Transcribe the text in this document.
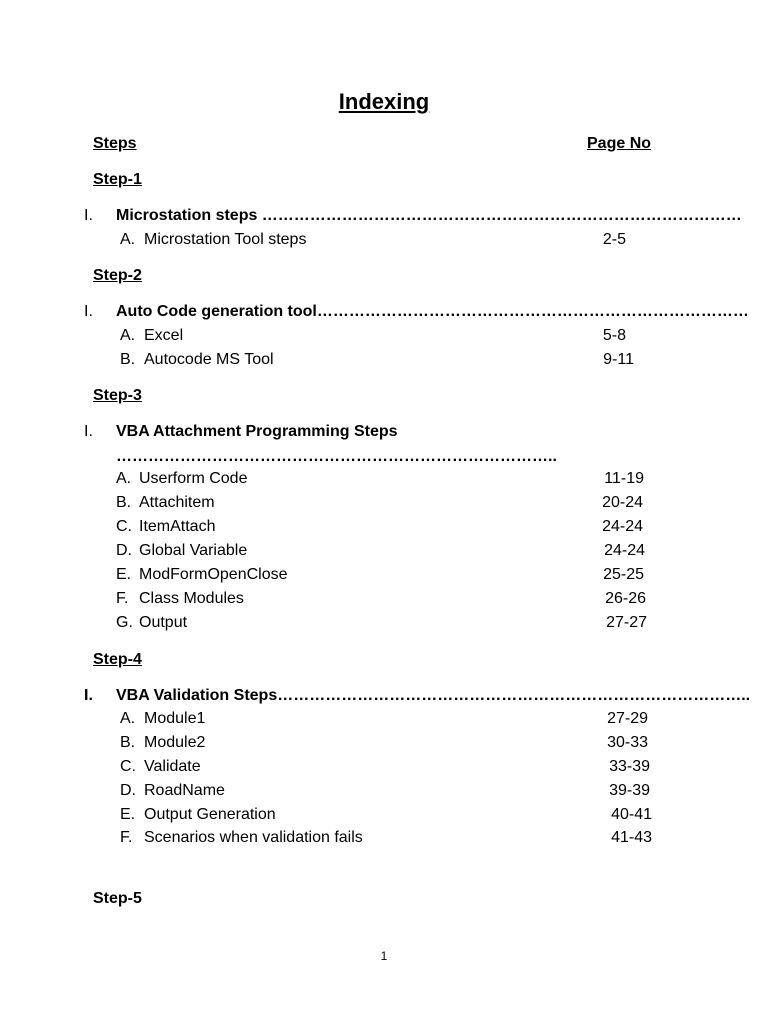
Indexing
Steps	Page No
Step-1
I. Microstation steps ………………………………………………………………………………
A. Microstation Tool steps	2-5
Step-2
I. Auto Code generation tool………………………………………………………………………
A. Excel	5-8
B. Autocode MS Tool	9-11
Step-3
I. VBA Attachment Programming Steps
………………………………………………………………………..
A. Userform Code	11-19
B. Attachitem	20-24
C. ItemAttach	24-24
D. Global Variable	24-24
E. ModFormOpenClose	25-25
F. Class Modules	26-26
G. Output	27-27
Step-4
I. VBA Validation Steps……………………………………………………………………………..
A. Module1	27-29
B. Module2	30-33
C. Validate	33-39
D. RoadName	39-39
E. Output Generation	40-41
F. Scenarios when validation fails	41-43
Step-5
1
